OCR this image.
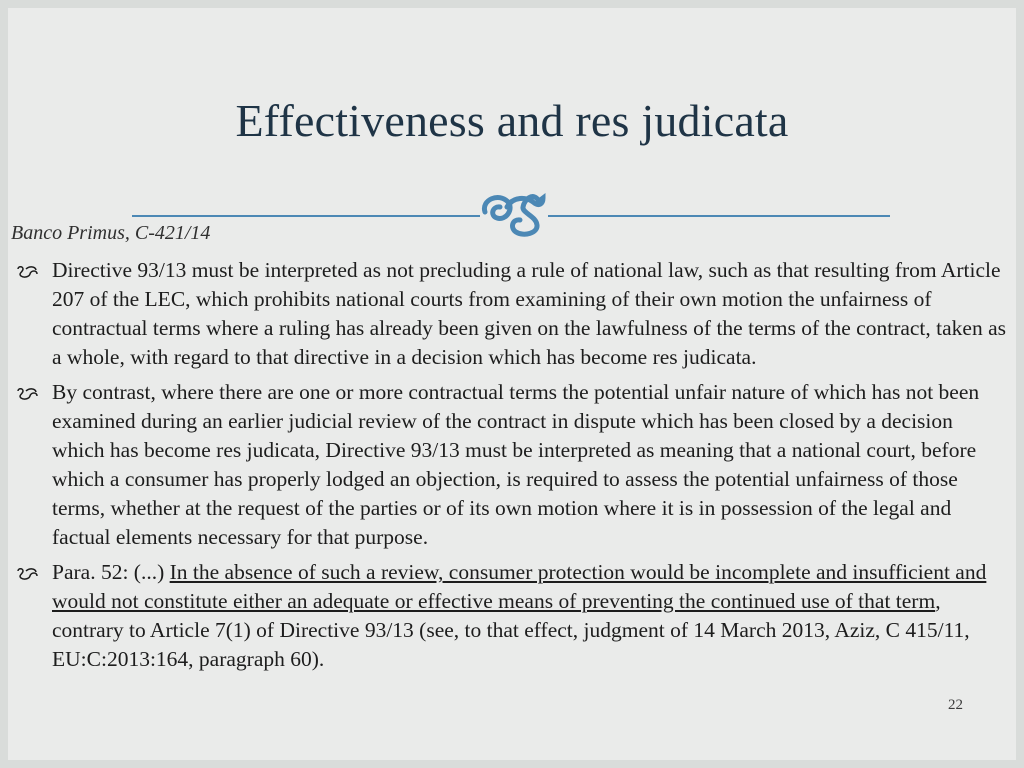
Effectiveness and res judicata
Banco Primus, C-421/14
Directive 93/13 must be interpreted as not precluding a rule of national law, such as that resulting from Article 207 of the LEC, which prohibits national courts from examining of their own motion the unfairness of contractual terms where a ruling has already been given on the lawfulness of the terms of the contract, taken as a whole, with regard to that directive in a decision which has become res judicata.
By contrast, where there are one or more contractual terms the potential unfair nature of which has not been examined during an earlier judicial review of the contract in dispute which has been closed by a decision which has become res judicata, Directive 93/13 must be interpreted as meaning that a national court, before which a consumer has properly lodged an objection, is required to assess the potential unfairness of those terms, whether at the request of the parties or of its own motion where it is in possession of the legal and factual elements necessary for that purpose.
Para. 52: (...) In the absence of such a review, consumer protection would be incomplete and insufficient and would not constitute either an adequate or effective means of preventing the continued use of that term, contrary to Article 7(1) of Directive 93/13 (see, to that effect, judgment of 14 March 2013, Aziz, C 415/11, EU:C:2013:164, paragraph 60).
22
